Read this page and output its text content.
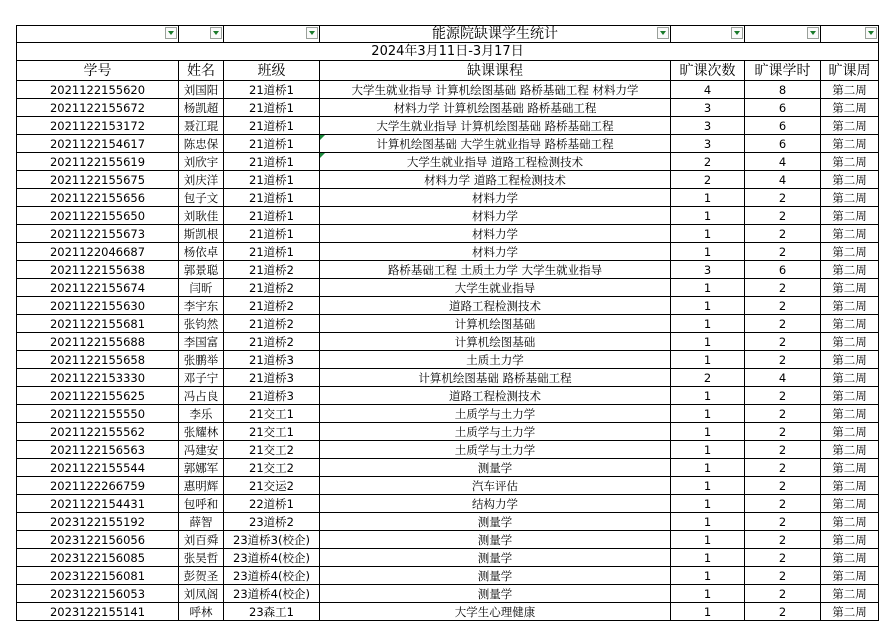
	能源院缺课学生统计

2024年3月11日-3月17日						
学号	姓名	班级	缺课课程	旷课次数	旷课学时	旷课周
2021122155620	刘国阳	21道桥1	大学生就业指导 计算机绘图基础 路桥基础工程 材料力学	4	8	第二周
2021122155672	杨凯超	21道桥1	材料力学 计算机绘图基础 路桥基础工程	3	6	第二周
2021122153172	聂江琨	21道桥1	大学生就业指导 计算机绘图基础 路桥基础工程	3	6	第二周
2021122154617	陈忠保	21道桥1	计算机绘图基础 大学生就业指导 路桥基础工程	3	6	第二周
2021122155619	刘欣宇	21道桥1	大学生就业指导 道路工程检测技术	2	4	第二周
2021122155675	刘庆洋	21道桥1	材料力学 道路工程检测技术	2	4	第二周
2021122155656	包子文	21道桥1	材料力学	1	2	第二周
2021122155650	刘耿佳	21道桥1	材料力学	1	2	第二周
2021122155673	斯凯根	21道桥1	材料力学	1	2	第二周
2021122046687	杨依卓	21道桥1	材料力学	1	2	第二周
2021122155638	郭景聪	21道桥2	路桥基础工程 土质土力学 大学生就业指导	3	6	第二周
2021122155674	闫昕	21道桥2	大学生就业指导	1	2	第二周
2021122155630	李宇东	21道桥2	道路工程检测技术	1	2	第二周
2021122155681	张钧然	21道桥2	计算机绘图基础	1	2	第二周
2021122155688	李国富	21道桥2	计算机绘图基础	1	2	第二周
2021122155658	张鹏举	21道桥3	土质土力学	1	2	第二周
2021122153330	邓子宁	21道桥3	计算机绘图基础 路桥基础工程	2	4	第二周
2021122155625	冯占良	21道桥3	道路工程检测技术	1	2	第二周
2021122155550	李乐	21交工1	土质学与土力学	1	2	第二周
2021122155562	张耀林	21交工1	土质学与土力学	1	2	第二周
2021122156563	冯建安	21交工2	土质学与土力学	1	2	第二周
2021122155544	郭娜军	21交工2	测量学	1	2	第二周
2021122266759	惠明辉	21交运2	汽车评估	1	2	第二周
2021122154431	包呼和	22道桥1	结构力学	1	2	第二周
2023122155192	薛智	23道桥2	测量学	1	2	第二周
2023122156056	刘百舜	23道桥3(校企)	测量学	1	2	第二周
2023122156085	张昊哲	23道桥4(校企)	测量学	1	2	第二周
2023122156081	彭贺圣	23道桥4(校企)	测量学	1	2	第二周
2023122156053	刘凤阁	23道桥4(校企)	测量学	1	2	第二周
2023122155141	呼林	23森工1	大学生心理健康	1	2	第二周
